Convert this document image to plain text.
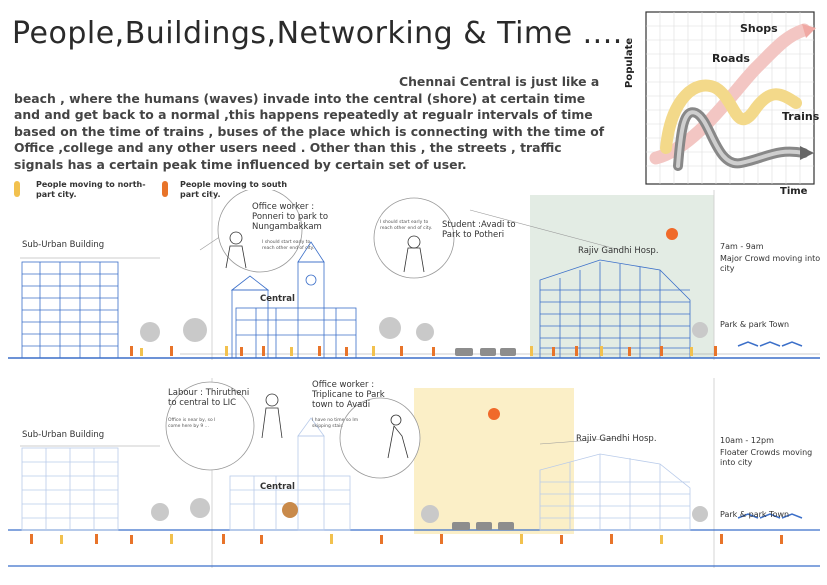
People,Buildings,Networking & Time ....
Chennai Central is just like a
beach , where the humans (waves) invade into the central (shore) at certain time and and get back to a normal ,this happens repeatedly at regualr intervals of time based on the time of trains , buses of the place which is connecting with the time of Office ,college and any other users need . Other than this , the streets , traffic signals has a certain peak time influenced by certain set of user.
People moving to north-part city.
People moving to south part city.
Populate
Time
Shops
Roads
Trains
Sub-Urban Building
Central
Rajiv Gandhi Hosp.
Office worker : Ponneri to park to Nungambakkam
I should start early to reach other end of city.
Student :Avadi to Park to Potheri
I should start early to reach other end of city.
7am - 9am
Major Crowd moving into city
Park & park Town
Sub-Urban Building
Central
Rajiv Gandhi Hosp.
Labour : Thirutheni to central to LIC
Office is near by, so I come here by 9 ...
Office worker : Triplicane to Park town to Avadi
I have no time so Im skipping stair.
10am - 12pm
Floater Crowds moving into city
Park & park Town
